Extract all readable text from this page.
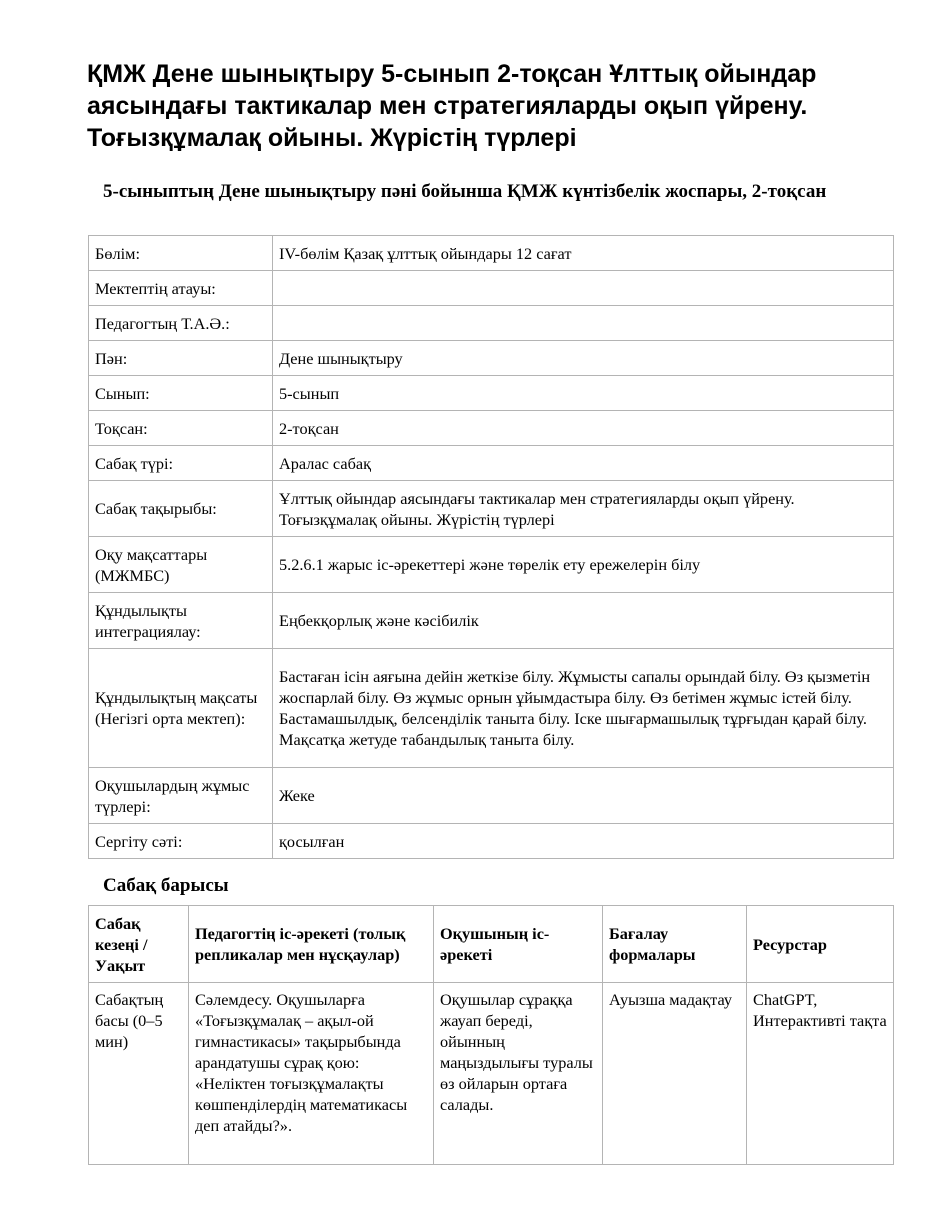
ҚМЖ Дене шынықтыру 5-сынып 2-тоқсан Ұлттық ойындар аясындағы тактикалар мен стратегияларды оқып үйрену. Тоғызқұмалақ ойыны. Жүрістің түрлері
5-сыныптың Дене шынықтыру пәні бойынша ҚМЖ күнтізбелік жоспары, 2-тоқсан
Бөлім:	IV-бөлім Қазақ ұлттық ойындары 12 сағат
Мектептің атауы:	
Педагогтың Т.А.Ә.:	
Пән:	Дене шынықтыру
Сынып:	5-сынып
Тоқсан:	2-тоқсан
Сабақ түрі:	Аралас сабақ
Сабақ тақырыбы:	Ұлттық ойындар аясындағы тактикалар мен стратегияларды оқып үйрену. Тоғызқұмалақ ойыны. Жүрістің түрлері
Оқу мақсаттары (МЖМБС)	5.2.6.1 жарыс іс-әрекеттері және төрелік ету ережелерін білу
Құндылықты интеграциялау:	Еңбекқорлық және кәсібилік
Құндылықтың мақсаты (Негізгі орта мектеп):	Бастаған ісін аяғына дейін жеткізе білу. Жұмысты сапалы орындай білу. Өз қызметін жоспарлай білу. Өз жұмыс орнын ұйымдастыра білу. Өз бетімен жұмыс істей білу. Бастамашылдық, белсенділік таныта білу. Іске шығармашылық тұрғыдан қарай білу. Мақсатқа жетуде табандылық таныта білу.
Оқушылардың жұмыс түрлері:	Жеке
Сергіту сәті:	қосылған
Сабақ барысы
Сабақ кезеңі / Уақыт	Педагогтің іс-әрекеті (толық репликалар мен нұсқаулар)	Оқушының іс-әрекеті	Бағалау формалары	Ресурстар
Сабақтың басы (0–5 мин)	Сәлемдесу. Оқушыларға «Тоғызқұмалақ – ақыл-ой гимнастикасы» тақырыбында арандатушы сұрақ қою: «Неліктен тоғызқұмалақты көшпенділердің математикасы деп атайды?».	Оқушылар сұраққа жауап береді, ойынның маңыздылығы туралы өз ойларын ортаға салады.	Ауызша мадақтау	ChatGPT, Интерактивті тақта
